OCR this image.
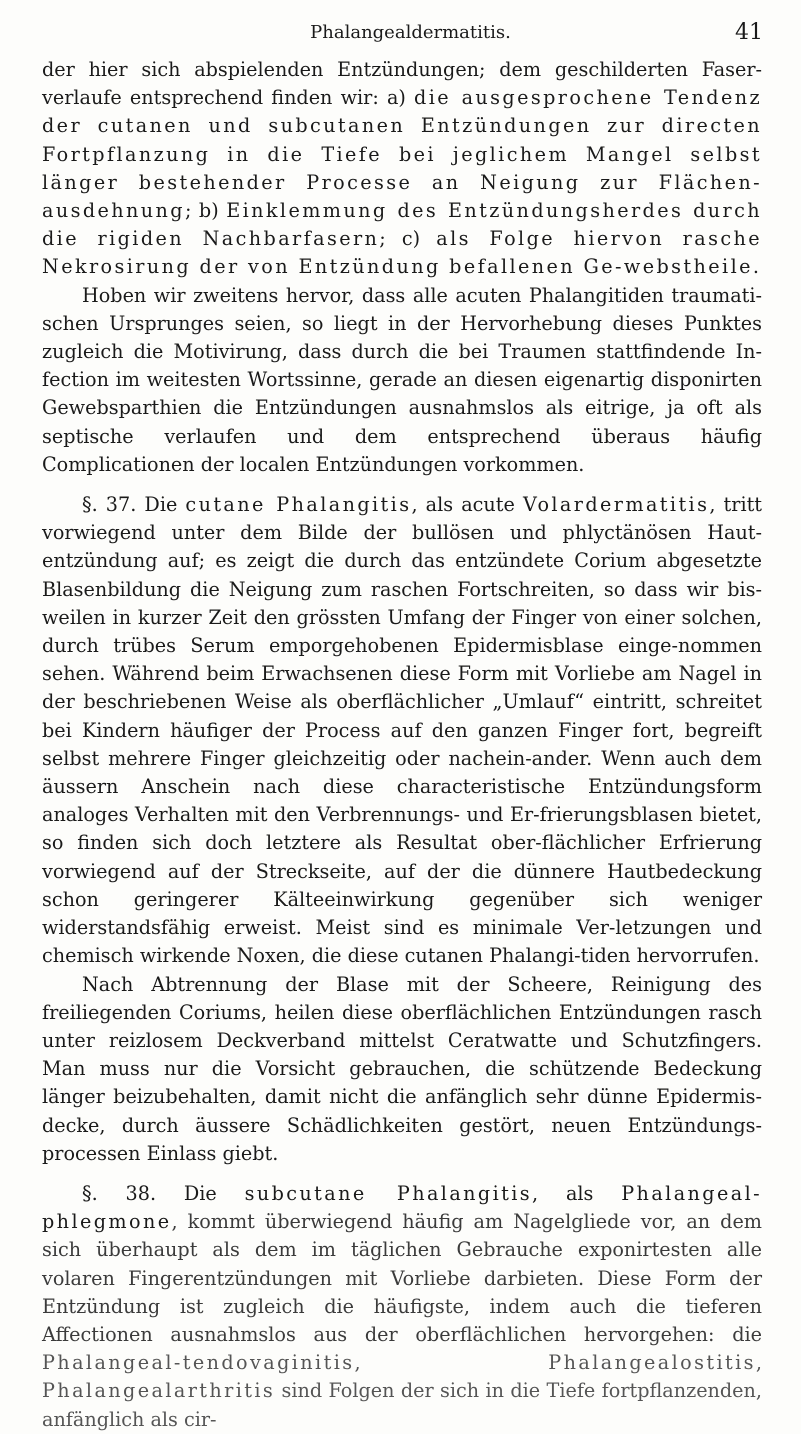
Phalangealdermatitis.	41

der hier sich abspielenden Entzündungen; dem geschilderten Faser-verlaufe entsprechend finden wir: a) die ausgesprochene Tendenz der cutanen und subcutanen Entzündungen zur directen Fortpflanzung in die Tiefe bei jeglichem Mangel selbst länger bestehender Processe an Neigung zur Flächen-ausdehnung; b) Einklemmung des Entzündungsherdes durch die rigiden Nachbarfasern; c) als Folge hiervon rasche Nekrosirung der von Entzündung befallenen Ge-webstheile.

Hoben wir zweitens hervor, dass alle acuten Phalangitiden traumati-schen Ursprunges seien, so liegt in der Hervorhebung dieses Punktes zugleich die Motivirung, dass durch die bei Traumen stattfindende In-fection im weitesten Wortssinne, gerade an diesen eigenartig disponirten Gewebsparthien die Entzündungen ausnahmslos als eitrige, ja oft als septische verlaufen und dem entsprechend überaus häufig Complicationen der localen Entzündungen vorkommen.

§. 37. Die cutane Phalangitis, als acute Volardermatitis, tritt vorwiegend unter dem Bilde der bullösen und phlyctänösen Haut-entzündung auf; es zeigt die durch das entzündete Corium abgesetzte Blasenbildung die Neigung zum raschen Fortschreiten, so dass wir bis-weilen in kurzer Zeit den grössten Umfang der Finger von einer solchen, durch trübes Serum emporgehobenen Epidermisblase einge-nommen sehen. Während beim Erwachsenen diese Form mit Vorliebe am Nagel in der beschriebenen Weise als oberflächlicher „Umlauf“ eintritt, schreitet bei Kindern häufiger der Process auf den ganzen Finger fort, begreift selbst mehrere Finger gleichzeitig oder nachein-ander. Wenn auch dem äussern Anschein nach diese characteristische Entzündungsform analoges Verhalten mit den Verbrennungs- und Er-frierungsblasen bietet, so finden sich doch letztere als Resultat ober-flächlicher Erfrierung vorwiegend auf der Streckseite, auf der die dünnere Hautbedeckung schon geringerer Kälteeinwirkung gegenüber sich weniger widerstandsfähig erweist. Meist sind es minimale Ver-letzungen und chemisch wirkende Noxen, die diese cutanen Phalangi-tiden hervorrufen.

Nach Abtrennung der Blase mit der Scheere, Reinigung des freiliegenden Coriums, heilen diese oberflächlichen Entzündungen rasch unter reizlosem Deckverband mittelst Ceratwatte und Schutzfingers. Man muss nur die Vorsicht gebrauchen, die schützende Bedeckung länger beizubehalten, damit nicht die anfänglich sehr dünne Epidermis-decke, durch äussere Schädlichkeiten gestört, neuen Entzündungs-processen Einlass giebt.

§. 38. Die subcutane Phalangitis, als Phalangeal-phlegmone, kommt überwiegend häufig am Nagelgliede vor, an dem sich überhaupt als dem im täglichen Gebrauche exponirtesten alle volaren Fingerentzündungen mit Vorliebe darbieten. Diese Form der Entzündung ist zugleich die häufigste, indem auch die tieferen Affectionen ausnahmslos aus der oberflächlichen hervorgehen: die Phalangeal-tendovaginitis, Phalangealostitis, Phalangealarthritis sind Folgen der sich in die Tiefe fortpflanzenden, anfänglich als cir-
